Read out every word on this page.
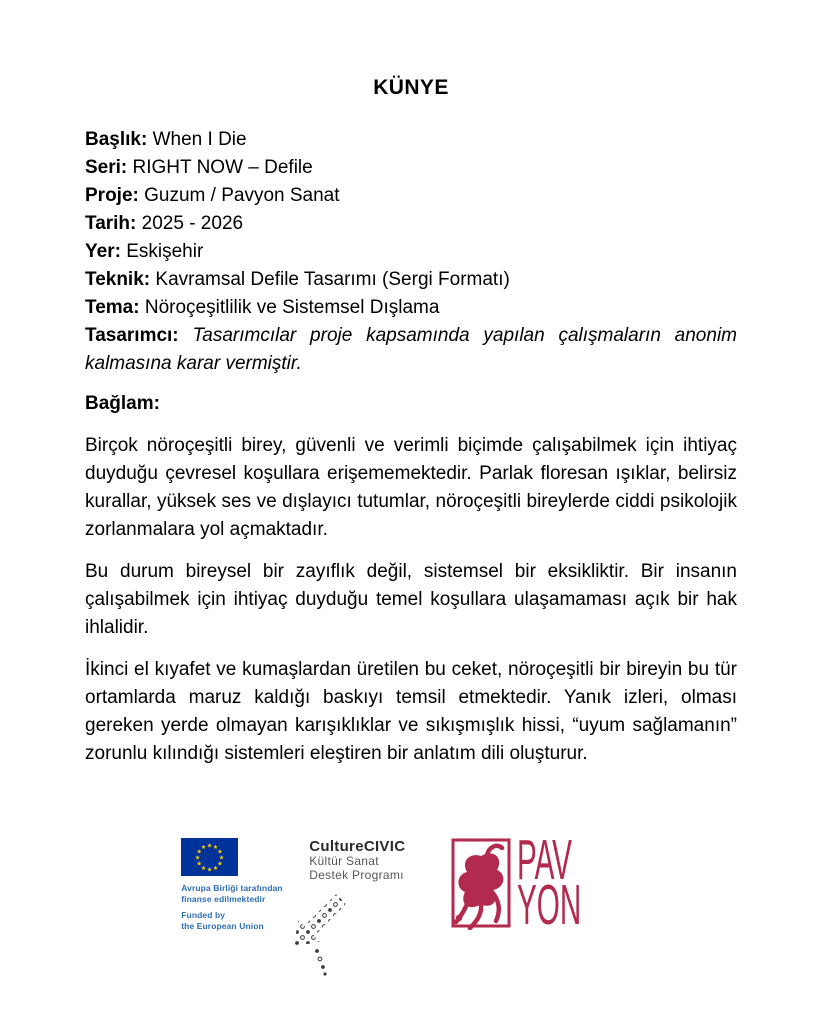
KÜNYE
Başlık: When I Die
Seri: RIGHT NOW – Defile
Proje: Guzum / Pavyon Sanat
Tarih: 2025 - 2026
Yer: Eskişehir
Teknik: Kavramsal Defile Tasarımı (Sergi Formatı)
Tema: Nöroçeşitlilik ve Sistemsel Dışlama
Tasarımcı: Tasarımcılar proje kapsamında yapılan çalışmaların anonim kalmasına karar vermiştir.
Bağlam:

Birçok nöroçeşitli birey, güvenli ve verimli biçimde çalışabilmek için ihtiyaç duyduğu çevresel koşullara erişememektedir. Parlak floresan ışıklar, belirsiz kurallar, yüksek ses ve dışlayıcı tutumlar, nöroçeşitli bireylerde ciddi psikolojik zorlanmalara yol açmaktadır.

Bu durum bireysel bir zayıflık değil, sistemsel bir eksikliktir. Bir insanın çalışabilmek için ihtiyaç duyduğu temel koşullara ulaşamaması açık bir hak ihlalidir.

İkinci el kıyafet ve kumaşlardan üretilen bu ceket, nöroçeşitli bir bireyin bu tür ortamlarda maruz kaldığı baskıyı temsil etmektedir. Yanık izleri, olması gereken yerde olmayan karışıklıklar ve sıkışmışlık hissi, “uyum sağlamanın” zorunlu kılındığı sistemleri eleştiren bir anlatım dili oluşturur.

★ ★
★
★
★
★
★
★
★
★
★
★
Avrupa Birliği tarafından
finanse edilmektedir
Funded by
the European Union
CultureCIVIC
Kültür Sanat
Destek Programı	PAV
YON
